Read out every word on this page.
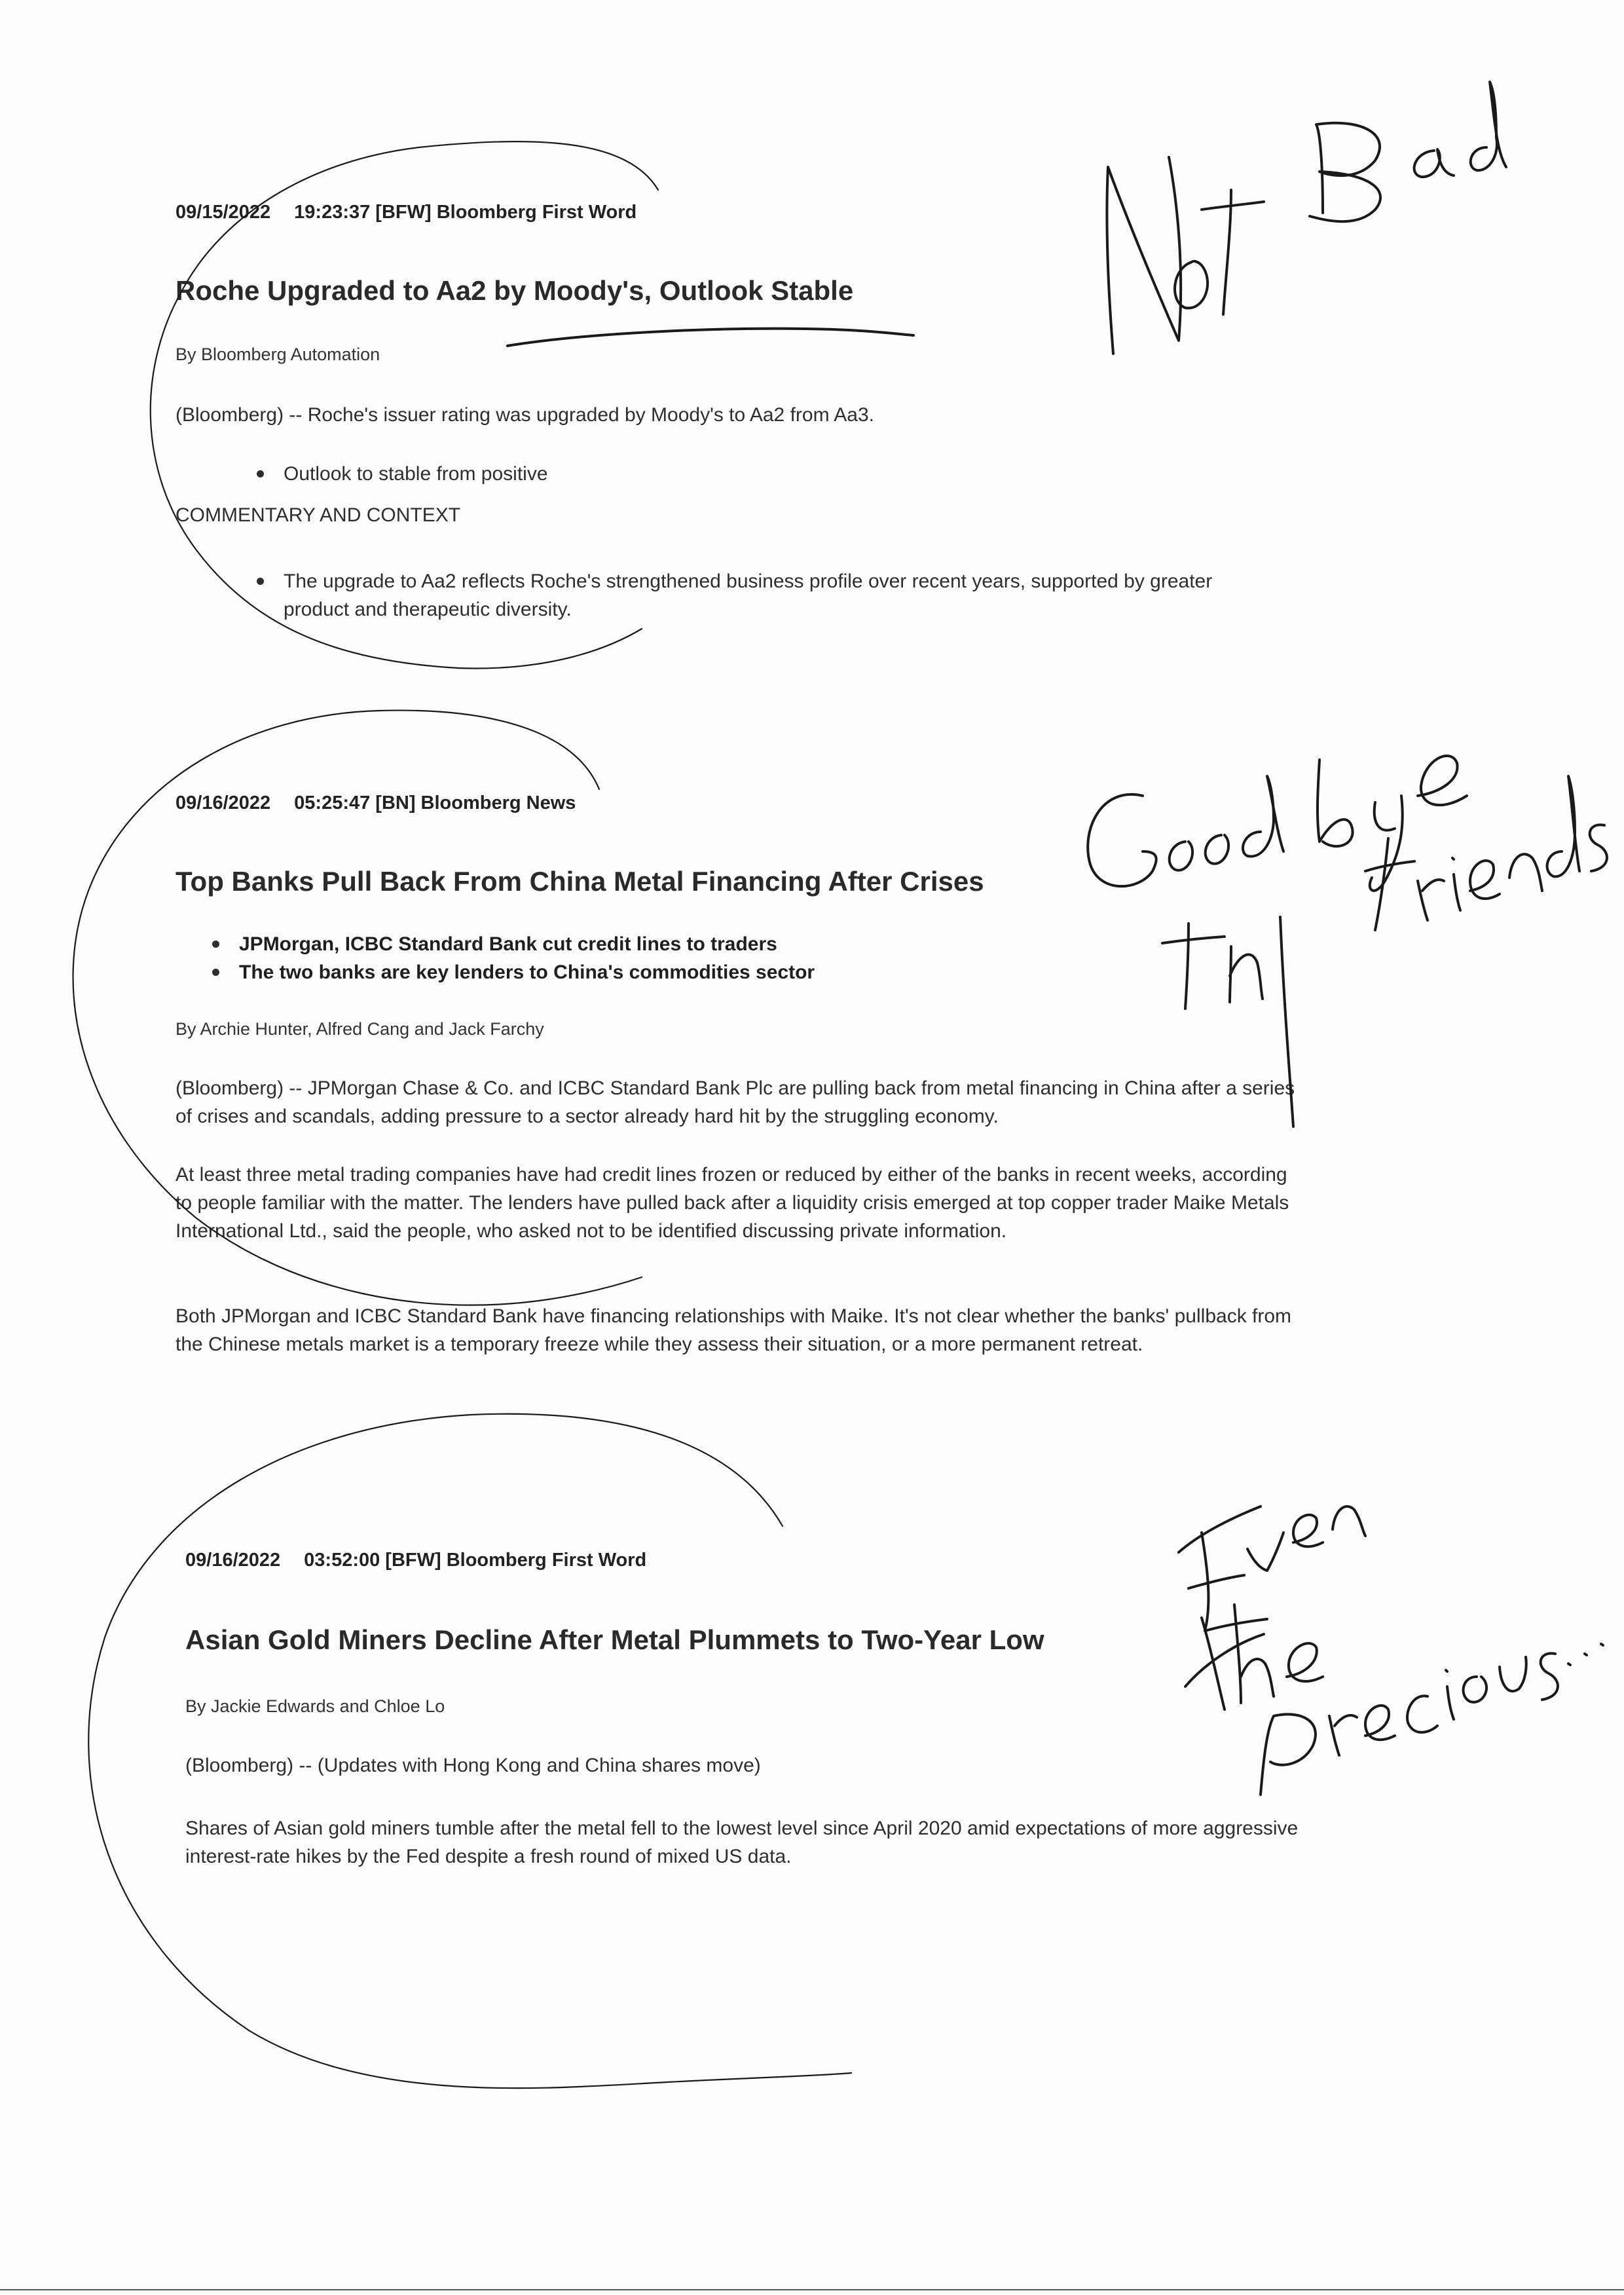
09/15/2022 19:23:37 [BFW] Bloomberg First Word
Roche Upgraded to Aa2 by Moody's, Outlook Stable
By Bloomberg Automation

(Bloomberg) -- Roche's issuer rating was upgraded by Moody's to Aa2 from Aa3.

Outlook to stable from positive
COMMENTARY AND CONTEXT
The upgrade to Aa2 reflects Roche's strengthened business profile over recent years, supported by greater product and therapeutic diversity.
09/16/2022 05:25:47 [BN] Bloomberg News
Top Banks Pull Back From China Metal Financing After Crises
JPMorgan, ICBC Standard Bank cut credit lines to traders
The two banks are key lenders to China's commodities sector
By Archie Hunter, Alfred Cang and Jack Farchy

(Bloomberg) -- JPMorgan Chase & Co. and ICBC Standard Bank Plc are pulling back from metal financing in China after a series of crises and scandals, adding pressure to a sector already hard hit by the struggling economy.

At least three metal trading companies have had credit lines frozen or reduced by either of the banks in recent weeks, according to people familiar with the matter. The lenders have pulled back after a liquidity crisis emerged at top copper trader Maike Metals International Ltd., said the people, who asked not to be identified discussing private information.

Both JPMorgan and ICBC Standard Bank have financing relationships with Maike. It's not clear whether the banks' pullback from the Chinese metals market is a temporary freeze while they assess their situation, or a more permanent retreat.

09/16/2022 03:52:00 [BFW] Bloomberg First Word
Asian Gold Miners Decline After Metal Plummets to Two-Year Low
By Jackie Edwards and Chloe Lo

(Bloomberg) -- (Updates with Hong Kong and China shares move)

Shares of Asian gold miners tumble after the metal fell to the lowest level since April 2020 amid expectations of more aggressive interest-rate hikes by the Fed despite a fresh round of mixed US data.
